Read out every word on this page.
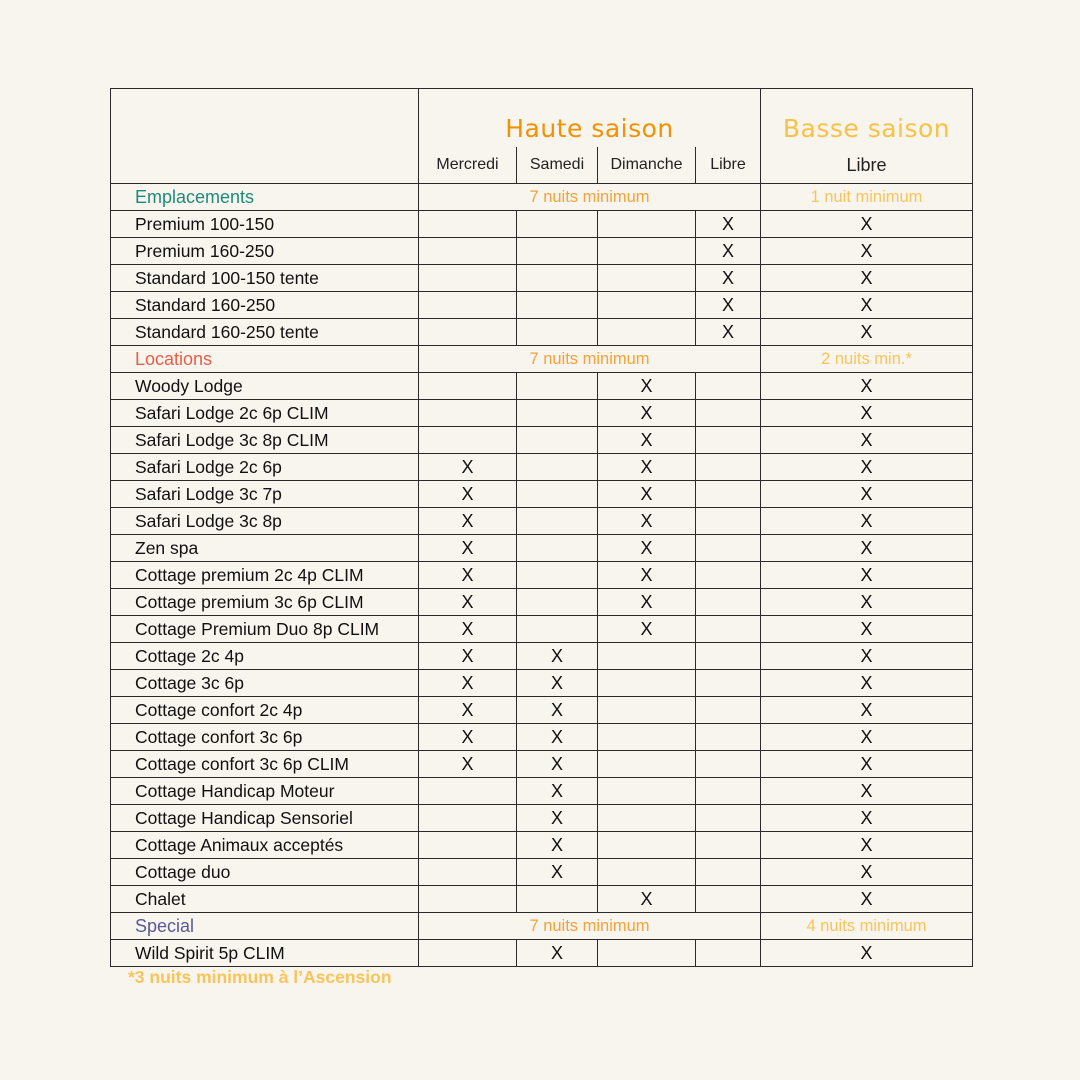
	Haute saison				Basse saison
	Mercredi	Samedi	Dimanche	Libre	Libre
Emplacements	7 nuits minimum				1 nuit minimum
Premium 100-150				X	X
Premium 160-250				X	X
Standard 100-150 tente				X	X
Standard 160-250				X	X
Standard 160-250 tente				X	X
Locations	7 nuits minimum				2 nuits min.*
Woody Lodge			X		X
Safari Lodge 2c 6p CLIM			X		X
Safari Lodge 3c 8p CLIM			X		X
Safari Lodge 2c 6p	X		X		X
Safari Lodge 3c 7p	X		X		X
Safari Lodge 3c 8p	X		X		X
Zen spa	X		X		X
Cottage premium 2c 4p CLIM	X		X		X
Cottage premium 3c 6p CLIM	X		X		X
Cottage Premium Duo 8p CLIM	X		X		X
Cottage 2c 4p	X	X			X
Cottage 3c 6p	X	X			X
Cottage confort 2c 4p	X	X			X
Cottage confort 3c 6p	X	X			X
Cottage confort 3c 6p CLIM	X	X			X
Cottage Handicap Moteur		X			X
Cottage Handicap Sensoriel		X			X
Cottage Animaux acceptés		X			X
Cottage duo		X			X
Chalet			X		X
Special	7 nuits minimum				4 nuits minimum
Wild Spirit 5p CLIM		X			X
*3 nuits minimum à l’Ascension
